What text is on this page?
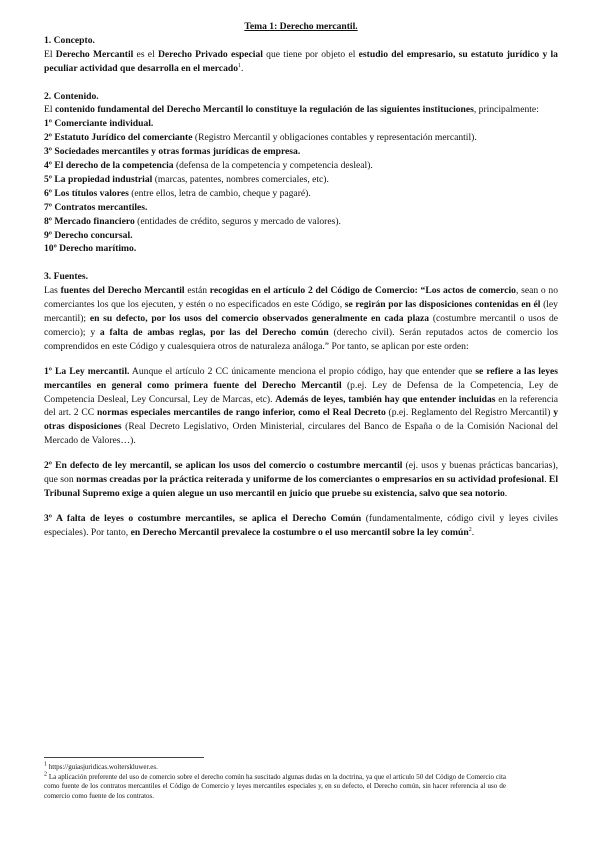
Tema 1: Derecho mercantil.

1. Concepto.

El Derecho Mercantil es el Derecho Privado especial que tiene por objeto el estudio del empresario, su estatuto jurídico y la peculiar actividad que desarrolla en el mercado$^1$.

2. Contenido.

El contenido fundamental del Derecho Mercantil lo constituye la regulación de las siguientes instituciones, principalmente:

1º Comerciante individual.
2º Estatuto Jurídico del comerciante (Registro Mercantil y obligaciones contables y representación mercantil).
3º Sociedades mercantiles y otras formas jurídicas de empresa.
4º El derecho de la competencia (defensa de la competencia y competencia desleal).
5º La propiedad industrial (marcas, patentes, nombres comerciales, etc).
6º Los títulos valores (entre ellos, letra de cambio, cheque y pagaré).
7º Contratos mercantiles.
8º Mercado financiero (entidades de crédito, seguros y mercado de valores).
9º Derecho concursal.
10º Derecho marítimo.

3. Fuentes.

Las fuentes del Derecho Mercantil están recogidas en el artículo 2 del Código de Comercio: “Los actos de comercio, sean o no comerciantes los que los ejecuten, y estén o no especificados en este Código, se regirán por las disposiciones contenidas en él (ley mercantil); en su defecto, por los usos del comercio observados generalmente en cada plaza (costumbre mercantil o usos de comercio); y a falta de ambas reglas, por las del Derecho común (derecho civil). Serán reputados actos de comercio los comprendidos en este Código y cualesquiera otros de naturaleza análoga.” Por tanto, se aplican por este orden:

1º La Ley mercantil. Aunque el artículo 2 CC únicamente menciona el propio código, hay que entender que se refiere a las leyes mercantiles en general como primera fuente del Derecho Mercantil (p.ej. Ley de Defensa de la Competencia, Ley de Competencia Desleal, Ley Concursal, Ley de Marcas, etc). Además de leyes, también hay que entender incluidas en la referencia del art. 2 CC normas especiales mercantiles de rango inferior, como el Real Decreto (p.ej. Reglamento del Registro Mercantil) y otras disposiciones (Real Decreto Legislativo, Orden Ministerial, circulares del Banco de España o de la Comisión Nacional del Mercado de Valores…).

2º En defecto de ley mercantil, se aplican los usos del comercio o costumbre mercantil (ej. usos y buenas prácticas bancarias), que son normas creadas por la práctica reiterada y uniforme de los comerciantes o empresarios en su actividad profesional. El Tribunal Supremo exige a quien alegue un uso mercantil en juicio que pruebe su existencia, salvo que sea notorio.

3º A falta de leyes o costumbre mercantiles, se aplica el Derecho Común (fundamentalmente, código civil y leyes civiles especiales). Por tanto, en Derecho Mercantil prevalece la costumbre o el uso mercantil sobre la ley común$^2$.

$^1$ https://guiasjuridicas.wolterskluwer.es.

$^2$ La aplicación preferente del uso de comercio sobre el derecho común ha suscitado algunas dudas en la doctrina, ya que el artículo 50 del Código de Comercio cita como fuente de los contratos mercantiles el Código de Comercio y leyes mercantiles especiales y, en su defecto, el Derecho común, sin hacer referencia al uso de comercio como fuente de los contratos.
